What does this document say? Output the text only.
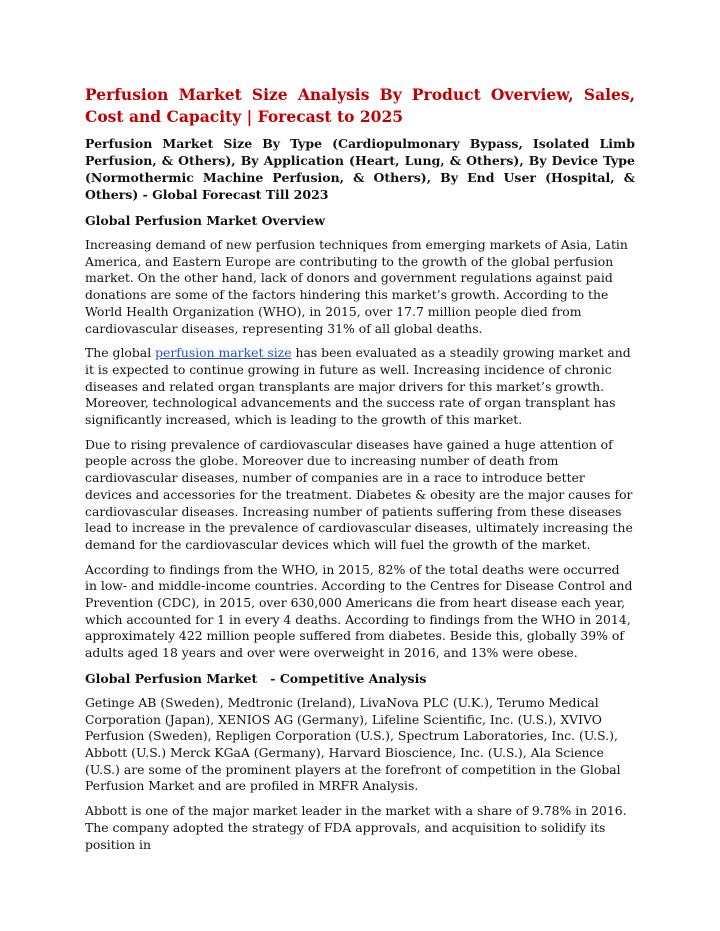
Perfusion Market Size Analysis By Product Overview, Sales, Cost and Capacity | Forecast to 2025

Perfusion Market Size By Type (Cardiopulmonary Bypass, Isolated Limb Perfusion, & Others), By Application (Heart, Lung, & Others), By Device Type (Normothermic Machine Perfusion, & Others), By End User (Hospital, & Others) - Global Forecast Till 2023

Global Perfusion Market Overview

Increasing demand of new perfusion techniques from emerging markets of Asia, Latin America, and Eastern Europe are contributing to the growth of the global perfusion market. On the other hand, lack of donors and government regulations against paid donations are some of the factors hindering this market’s growth. According to the World Health Organization (WHO), in 2015, over 17.7 million people died from cardiovascular diseases, representing 31% of all global deaths.

The global perfusion market size has been evaluated as a steadily growing market and it is expected to continue growing in future as well. Increasing incidence of chronic diseases and related organ transplants are major drivers for this market’s growth. Moreover, technological advancements and the success rate of organ transplant has significantly increased, which is leading to the growth of this market.

Due to rising prevalence of cardiovascular diseases have gained a huge attention of people across the globe. Moreover due to increasing number of death from cardiovascular diseases, number of companies are in a race to introduce better devices and accessories for the treatment. Diabetes & obesity are the major causes for cardiovascular diseases. Increasing number of patients suffering from these diseases lead to increase in the prevalence of cardiovascular diseases, ultimately increasing the demand for the cardiovascular devices which will fuel the growth of the market.

According to findings from the WHO, in 2015, 82% of the total deaths were occurred in low- and middle-income countries. According to the Centres for Disease Control and Prevention (CDC), in 2015, over 630,000 Americans die from heart disease each year, which accounted for 1 in every 4 deaths. According to findings from the WHO in 2014, approximately 422 million people suffered from diabetes. Beside this, globally 39% of adults aged 18 years and over were overweight in 2016, and 13% were obese.

Global Perfusion Market   - Competitive Analysis

Getinge AB (Sweden), Medtronic (Ireland), LivaNova PLC (U.K.), Terumo Medical Corporation (Japan), XENIOS AG (Germany), Lifeline Scientific, Inc. (U.S.), XVIVO Perfusion (Sweden), Repligen Corporation (U.S.), Spectrum Laboratories, Inc. (U.S.), Abbott (U.S.) Merck KGaA (Germany), Harvard Bioscience, Inc. (U.S.), Ala Science (U.S.) are some of the prominent players at the forefront of competition in the Global Perfusion Market and are profiled in MRFR Analysis.

Abbott is one of the major market leader in the market with a share of 9.78% in 2016. The company adopted the strategy of FDA approvals, and acquisition to solidify its position in
